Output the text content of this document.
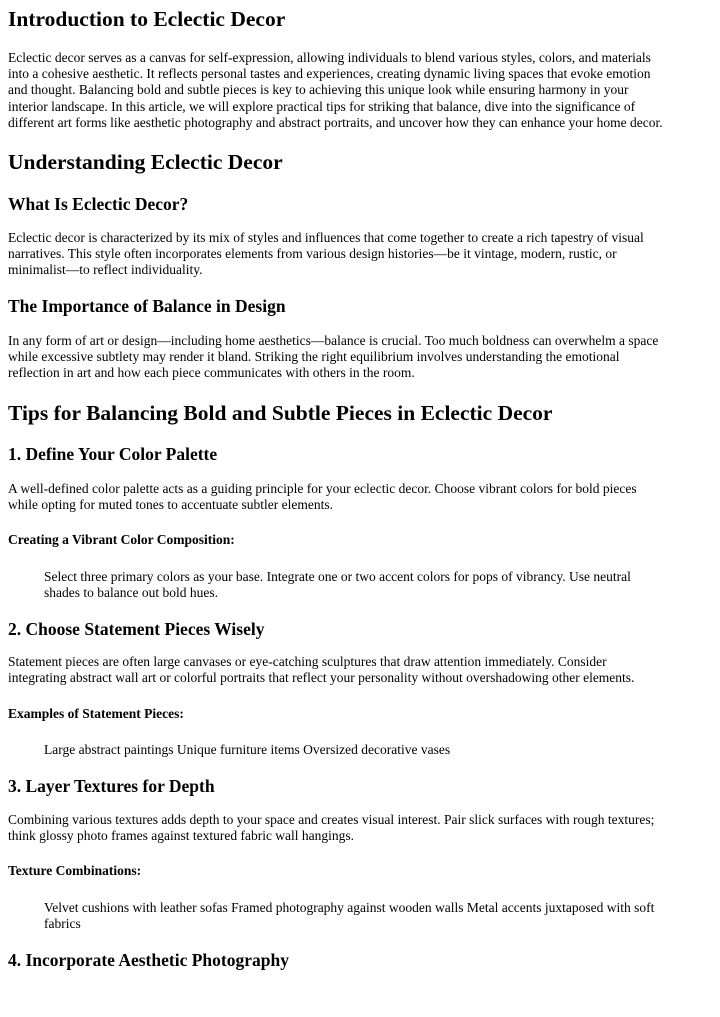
Introduction to Eclectic Decor
Eclectic decor serves as a canvas for self-expression, allowing individuals to blend various styles, colors, and materials
into a cohesive aesthetic. It reflects personal tastes and experiences, creating dynamic living spaces that evoke emotion
and thought. Balancing bold and subtle pieces is key to achieving this unique look while ensuring harmony in your
interior landscape. In this article, we will explore practical tips for striking that balance, dive into the significance of
different art forms like aesthetic photography and abstract portraits, and uncover how they can enhance your home decor.
Understanding Eclectic Decor
What Is Eclectic Decor?
Eclectic decor is characterized by its mix of styles and influences that come together to create a rich tapestry of visual
narratives. This style often incorporates elements from various design histories—be it vintage, modern, rustic, or
minimalist—to reflect individuality.
The Importance of Balance in Design
In any form of art or design—including home aesthetics—balance is crucial. Too much boldness can overwhelm a space
while excessive subtlety may render it bland. Striking the right equilibrium involves understanding the emotional
reflection in art and how each piece communicates with others in the room.
Tips for Balancing Bold and Subtle Pieces in Eclectic Decor
1. Define Your Color Palette
A well-defined color palette acts as a guiding principle for your eclectic decor. Choose vibrant colors for bold pieces
while opting for muted tones to accentuate subtler elements.
Creating a Vibrant Color Composition:
Select three primary colors as your base. Integrate one or two accent colors for pops of vibrancy. Use neutral
shades to balance out bold hues.
2. Choose Statement Pieces Wisely
Statement pieces are often large canvases or eye-catching sculptures that draw attention immediately. Consider
integrating abstract wall art or colorful portraits that reflect your personality without overshadowing other elements.
Examples of Statement Pieces:
Large abstract paintings Unique furniture items Oversized decorative vases
3. Layer Textures for Depth
Combining various textures adds depth to your space and creates visual interest. Pair slick surfaces with rough textures;
think glossy photo frames against textured fabric wall hangings.
Texture Combinations:
Velvet cushions with leather sofas Framed photography against wooden walls Metal accents juxtaposed with soft
fabrics
4. Incorporate Aesthetic Photography
